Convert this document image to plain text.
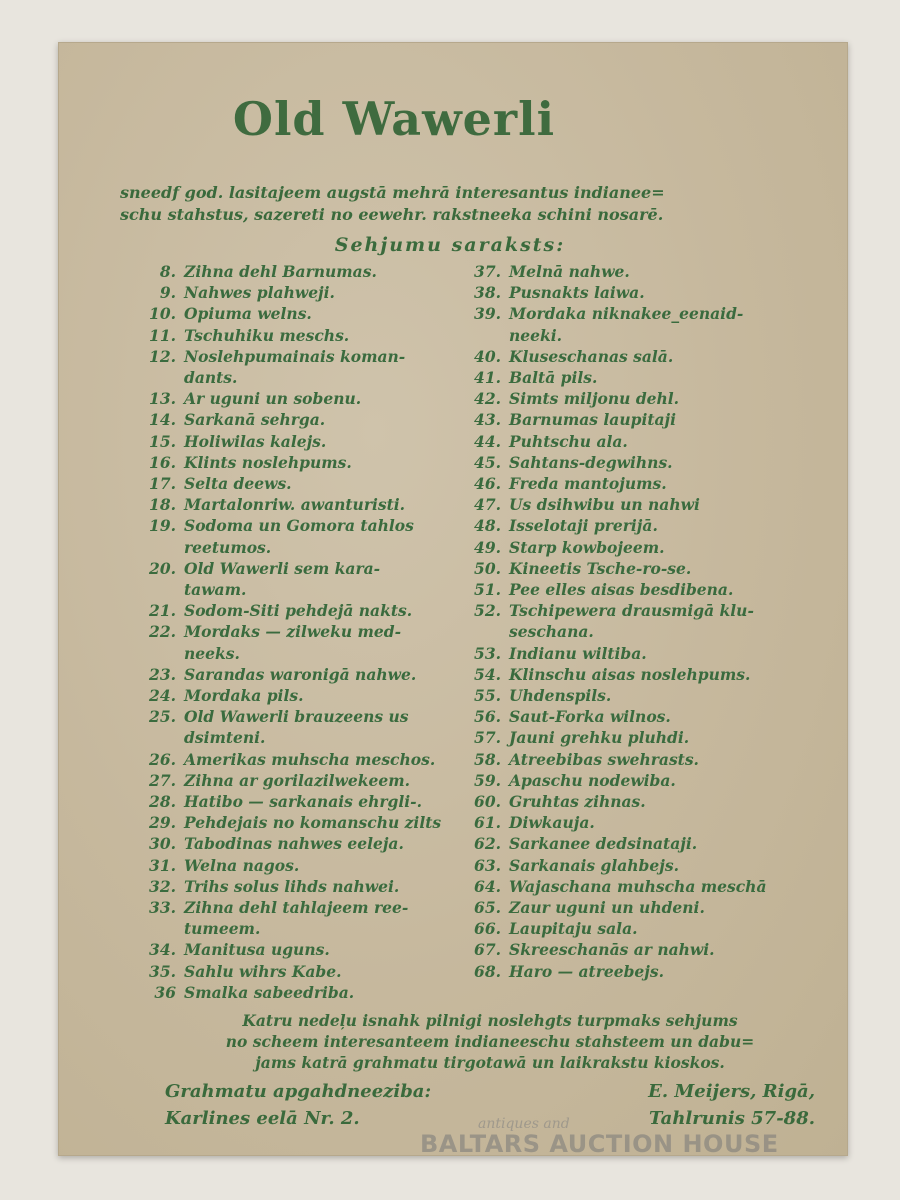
Old Wawerli
sneedf god. lasitajeem augstā mehrā interesantus indianee=
schu stahstus, sazereti no eewehr. rakstneeka schini nosarē.
Sehjumu saraksts:
8. Zihna dehl Barnumas.
9. Nahwes plahweji.
10. Opiuma welns.
11. Tschuhiku meschs.
12. Noslehpumainais koman-
dants.
13. Ar uguni un sobenu.
14. Sarkanā sehrga.
15. Holiwilas kalejs.
16. Klints noslehpums.
17. Selta deews.
18. Martalonriw. awanturisti.
19. Sodoma un Gomora tahlos
reetumos.
20. Old Wawerli sem kara-
tawam.
21. Sodom-Siti pehdejā nakts.
22. Mordaks — zilweku med-
neeks.
23. Sarandas waronigā nahwe.
24. Mordaka pils.
25. Old Wawerli brauzeens us
dsimteni.
26. Amerikas muhscha meschos.
27. Zihna ar gorilazilwekeem.
28. Hatibo — sarkanais ehrgli-.
29. Pehdejais no komanschu zilts
30. Tabodinas nahwes eeleja.
31. Welna nagos.
32. Trihs solus lihds nahwei.
33. Zihna dehl tahlajeem ree-
tumeem.
34. Manitusa uguns.
35. Sahlu wihrs Kabe.
36 Smalka sabeedriba.
37. Melnā nahwe.
38. Pusnakts laiwa.
39. Mordaka niknakee_eenaid-
neeki.
40. Kluseschanas salā.
41. Baltā pils.
42. Simts miljonu dehl.
43. Barnumas laupitaji
44. Puhtschu ala.
45. Sahtans-degwihns.
46. Freda mantojums.
47. Us dsihwibu un nahwi
48. Isselotaji prerijā.
49. Starp kowbojeem.
50. Kineetis Tsche-ro-se.
51. Pee elles aisas besdibena.
52. Tschipewera drausmigā klu-
seschana.
53. Indianu wiltiba.
54. Klinschu aisas noslehpums.
55. Uhdenspils.
56. Saut-Forka wilnos.
57. Jauni grehku pluhdi.
58. Atreebibas swehrasts.
59. Apaschu nodewiba.
60. Gruhtas zihnas.
61. Diwkauja.
62. Sarkanee dedsinataji.
63. Sarkanais glahbejs.
64. Wajaschana muhscha meschā
65. Zaur uguni un uhdeni.
66. Laupitaju sala.
67. Skreeschanās ar nahwi.
68. Haro — atreebejs.
Katru nedeļu isnahk pilnigi noslehgts turpmaks sehjums
no scheem interesanteem indianeeschu stahsteem un dabu=
jams katrā grahmatu tirgotawā un laikrakstu kioskos.
Grahmatu apgahdneeziba:	E. Meijers, Rigā,
Karlines eelā Nr. 2.	Tahlrunis 57-88.
antiques and
BALTARS AUCTION HOUSE
